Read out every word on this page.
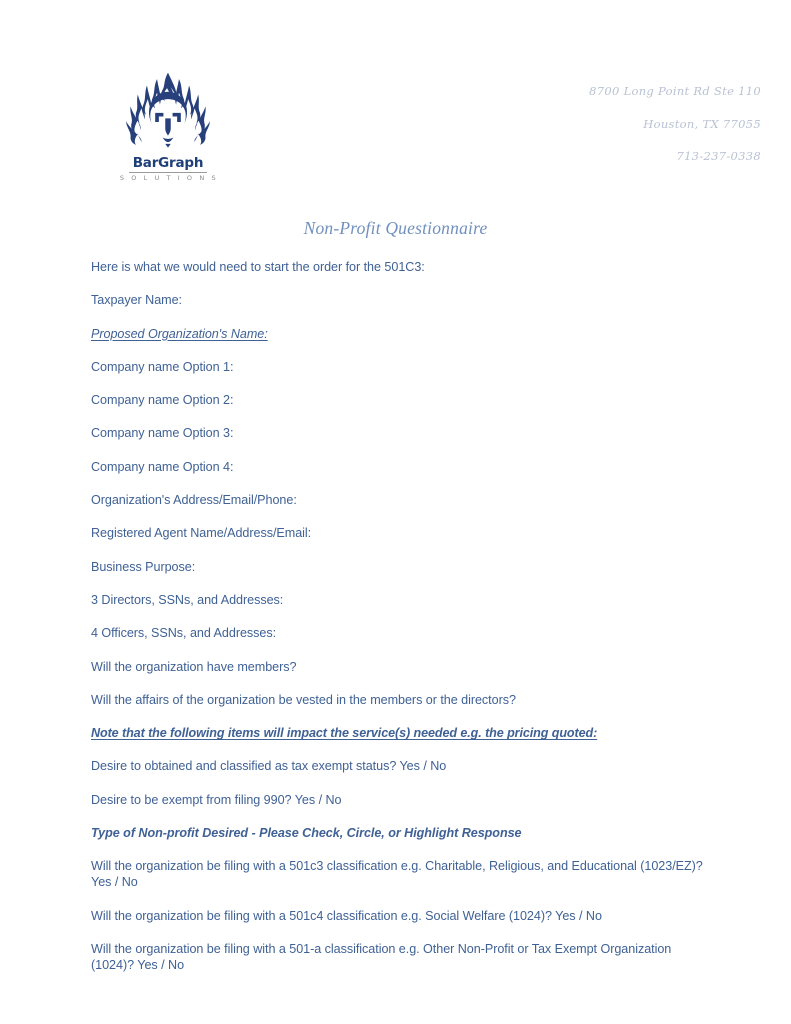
BarGraph
S O L U T I O N S
8700 Long Point Rd Ste 110
Houston, TX 77055
713-237-0338
Non-Profit Questionnaire

Here is what we would need to start the order for the 501C3:

Taxpayer Name:

Proposed Organization's Name:

Company name Option 1:

Company name Option 2:

Company name Option 3:

Company name Option 4:

Organization's Address/Email/Phone:

Registered Agent Name/Address/Email:

Business Purpose:

3 Directors, SSNs, and Addresses:

4 Officers, SSNs, and Addresses:

Will the organization have members?

Will the affairs of the organization be vested in the members or the directors?

Note that the following items will impact the service(s) needed e.g. the pricing quoted:

Desire to obtained and classified as tax exempt status? Yes / No

Desire to be exempt from filing 990? Yes / No

Type of Non-profit Desired - Please Check, Circle, or Highlight Response

Will the organization be filing with a 501c3 classification e.g. Charitable, Religious, and Educational (1023/EZ)? Yes / No

Will the organization be filing with a 501c4 classification e.g. Social Welfare (1024)? Yes / No

Will the organization be filing with a 501-a classification e.g. Other Non-Profit or Tax Exempt Organization (1024)? Yes / No
